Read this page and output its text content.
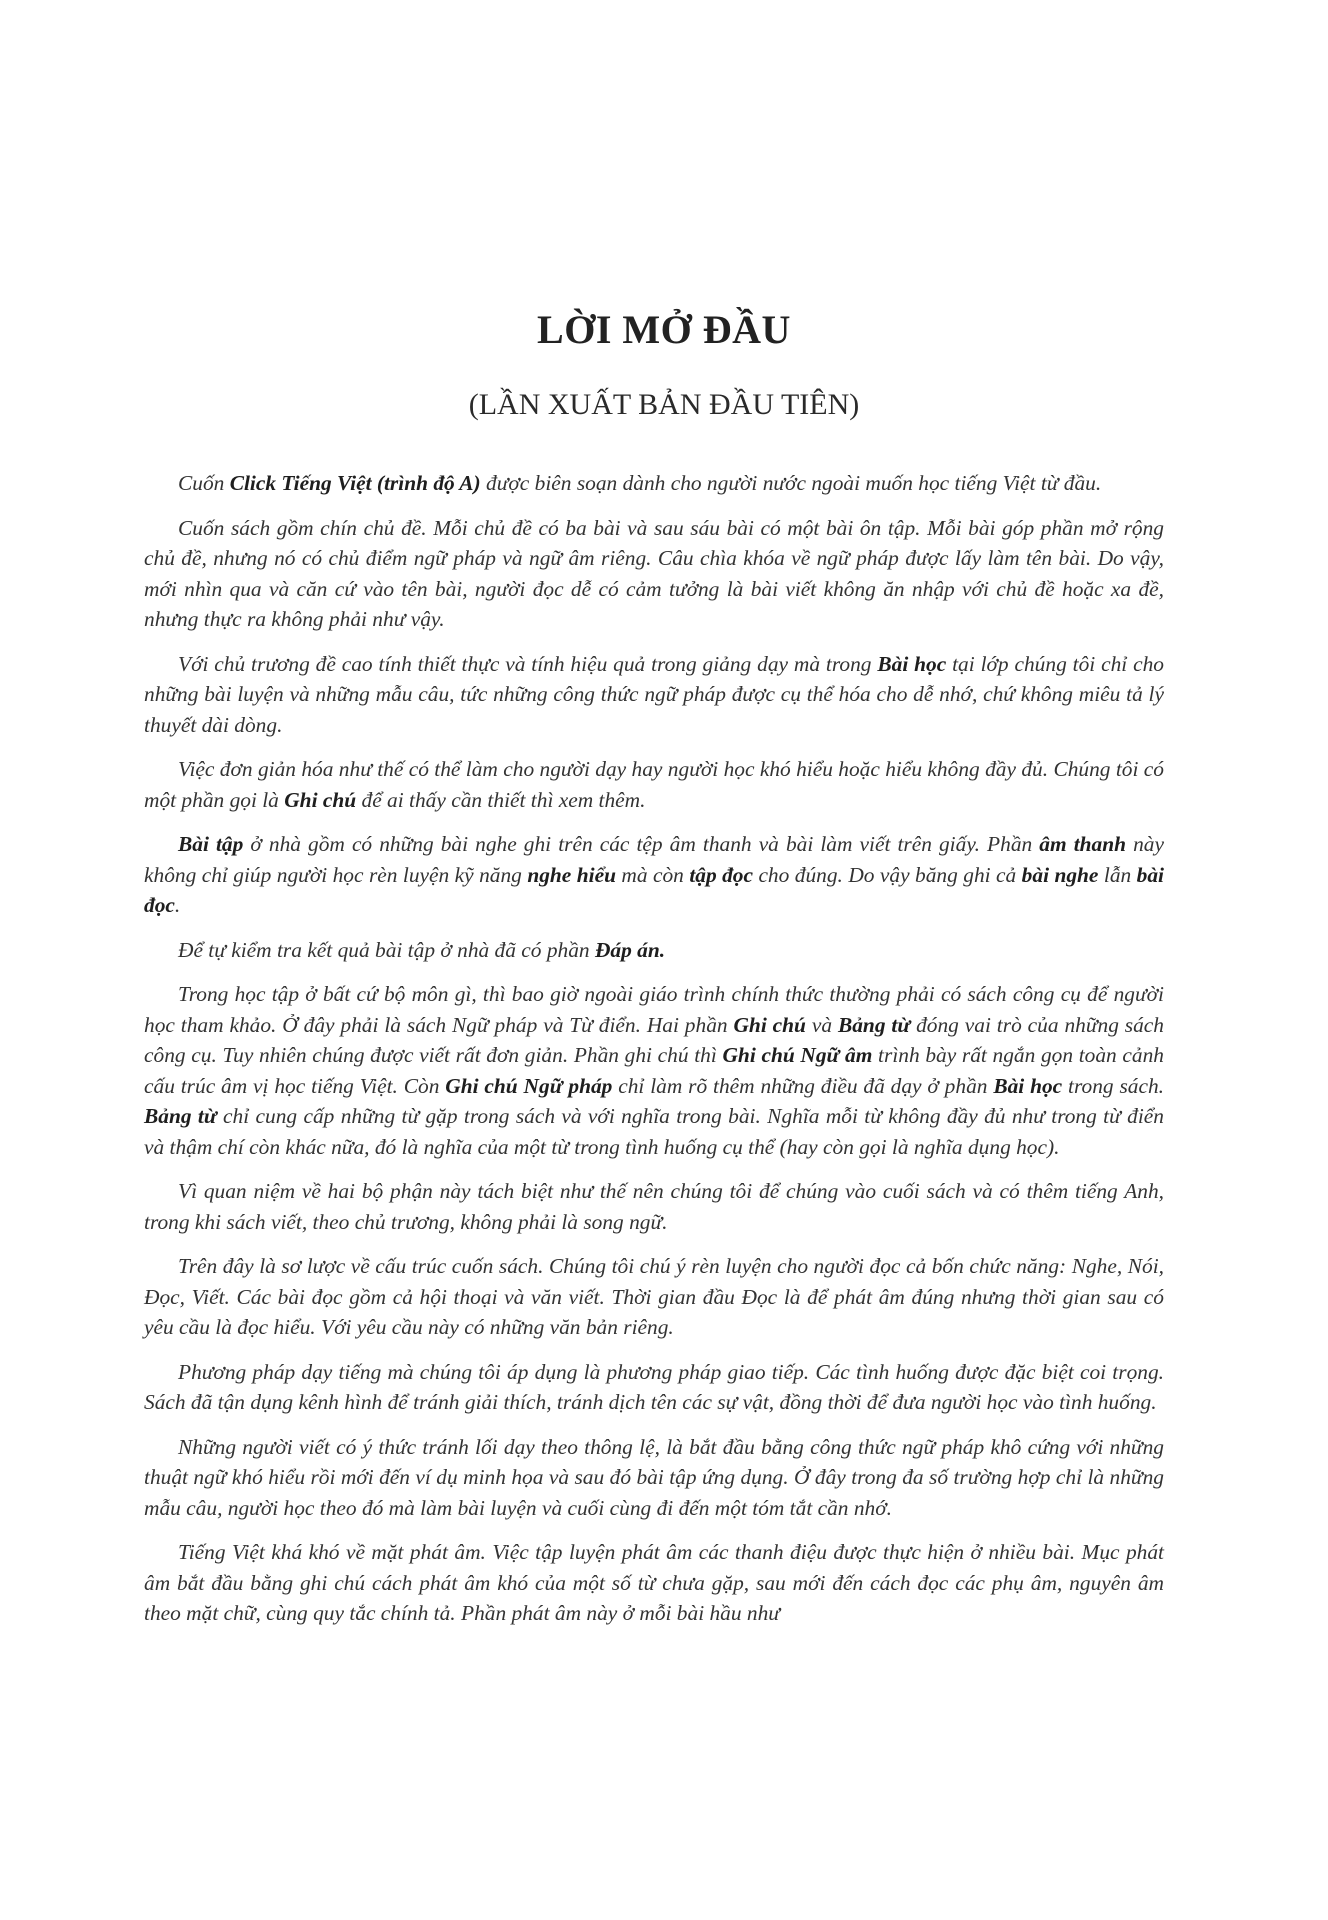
LỜI MỞ ĐẦU
(LẦN XUẤT BẢN ĐẦU TIÊN)

Cuốn Click Tiếng Việt (trình độ A) được biên soạn dành cho người nước ngoài muốn học tiếng Việt từ đầu.

Cuốn sách gồm chín chủ đề. Mỗi chủ đề có ba bài và sau sáu bài có một bài ôn tập. Mỗi bài góp phần mở rộng chủ đề, nhưng nó có chủ điểm ngữ pháp và ngữ âm riêng. Câu chìa khóa về ngữ pháp được lấy làm tên bài. Do vậy, mới nhìn qua và căn cứ vào tên bài, người đọc dễ có cảm tưởng là bài viết không ăn nhập với chủ đề hoặc xa đề, nhưng thực ra không phải như vậy.

Với chủ trương đề cao tính thiết thực và tính hiệu quả trong giảng dạy mà trong Bài học tại lớp chúng tôi chỉ cho những bài luyện và những mẫu câu, tức những công thức ngữ pháp được cụ thể hóa cho dễ nhớ, chứ không miêu tả lý thuyết dài dòng.

Việc đơn giản hóa như thế có thể làm cho người dạy hay người học khó hiểu hoặc hiểu không đầy đủ. Chúng tôi có một phần gọi là Ghi chú để ai thấy cần thiết thì xem thêm.

Bài tập ở nhà gồm có những bài nghe ghi trên các tệp âm thanh và bài làm viết trên giấy. Phần âm thanh này không chỉ giúp người học rèn luyện kỹ năng nghe hiểu mà còn tập đọc cho đúng. Do vậy băng ghi cả bài nghe lẫn bài đọc.

Để tự kiểm tra kết quả bài tập ở nhà đã có phần Đáp án.

Trong học tập ở bất cứ bộ môn gì, thì bao giờ ngoài giáo trình chính thức thường phải có sách công cụ để người học tham khảo. Ở đây phải là sách Ngữ pháp và Từ điển. Hai phần Ghi chú và Bảng từ đóng vai trò của những sách công cụ. Tuy nhiên chúng được viết rất đơn giản. Phần ghi chú thì Ghi chú Ngữ âm trình bày rất ngắn gọn toàn cảnh cấu trúc âm vị học tiếng Việt. Còn Ghi chú Ngữ pháp chỉ làm rõ thêm những điều đã dạy ở phần Bài học trong sách. Bảng từ chỉ cung cấp những từ gặp trong sách và với nghĩa trong bài. Nghĩa mỗi từ không đầy đủ như trong từ điển và thậm chí còn khác nữa, đó là nghĩa của một từ trong tình huống cụ thể (hay còn gọi là nghĩa dụng học).

Vì quan niệm về hai bộ phận này tách biệt như thế nên chúng tôi để chúng vào cuối sách và có thêm tiếng Anh, trong khi sách viết, theo chủ trương, không phải là song ngữ.

Trên đây là sơ lược về cấu trúc cuốn sách. Chúng tôi chú ý rèn luyện cho người đọc cả bốn chức năng: Nghe, Nói, Đọc, Viết. Các bài đọc gồm cả hội thoại và văn viết. Thời gian đầu Đọc là để phát âm đúng nhưng thời gian sau có yêu cầu là đọc hiểu. Với yêu cầu này có những văn bản riêng.

Phương pháp dạy tiếng mà chúng tôi áp dụng là phương pháp giao tiếp. Các tình huống được đặc biệt coi trọng. Sách đã tận dụng kênh hình để tránh giải thích, tránh dịch tên các sự vật, đồng thời để đưa người học vào tình huống.

Những người viết có ý thức tránh lối dạy theo thông lệ, là bắt đầu bằng công thức ngữ pháp khô cứng với những thuật ngữ khó hiểu rồi mới đến ví dụ minh họa và sau đó bài tập ứng dụng. Ở đây trong đa số trường hợp chỉ là những mẫu câu, người học theo đó mà làm bài luyện và cuối cùng đi đến một tóm tắt cần nhớ.

Tiếng Việt khá khó về mặt phát âm. Việc tập luyện phát âm các thanh điệu được thực hiện ở nhiều bài. Mục phát âm bắt đầu bằng ghi chú cách phát âm khó của một số từ chưa gặp, sau mới đến cách đọc các phụ âm, nguyên âm theo mặt chữ, cùng quy tắc chính tả. Phần phát âm này ở mỗi bài hầu như
